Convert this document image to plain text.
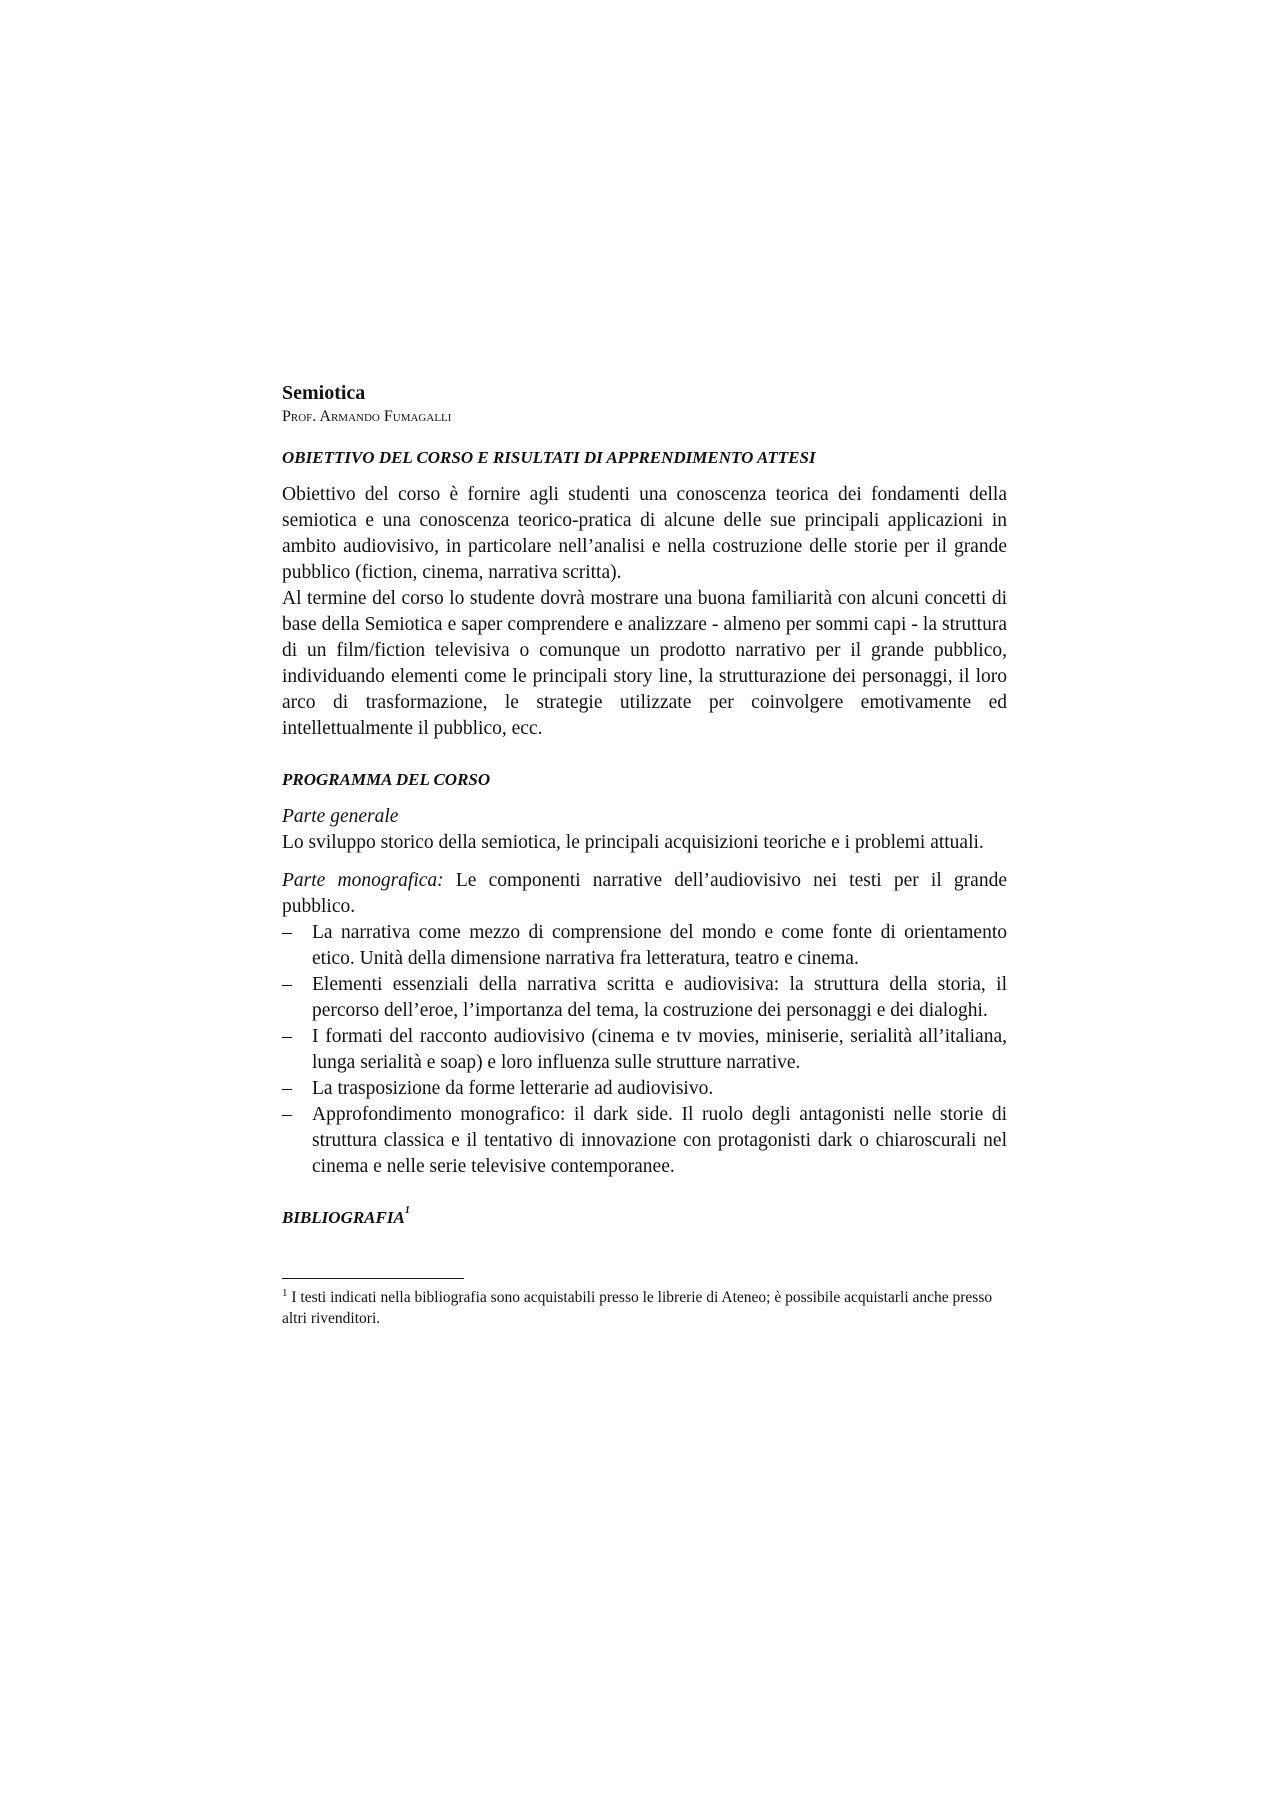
Semiotica
Prof. Armando Fumagalli
OBIETTIVO DEL CORSO E RISULTATI DI APPRENDIMENTO ATTESI

Obiettivo del corso è fornire agli studenti una conoscenza teorica dei fondamenti della semiotica e una conoscenza teorico-pratica di alcune delle sue principali applicazioni in ambito audiovisivo, in particolare nell’analisi e nella costruzione delle storie per il grande pubblico (fiction, cinema, narrativa scritta).

Al termine del corso lo studente dovrà mostrare una buona familiarità con alcuni concetti di base della Semiotica e saper comprendere e analizzare - almeno per sommi capi - la struttura di un film/fiction televisiva o comunque un prodotto narrativo per il grande pubblico, individuando elementi come le principali story line, la strutturazione dei personaggi, il loro arco di trasformazione, le strategie utilizzate per coinvolgere emotivamente ed intellettualmente il pubblico, ecc.

PROGRAMMA DEL CORSO

Parte generale

Lo sviluppo storico della semiotica, le principali acquisizioni teoriche e i problemi attuali.

Parte monografica: Le componenti narrative dell’audiovisivo nei testi per il grande pubblico.

– La narrativa come mezzo di comprensione del mondo e come fonte di orientamento etico. Unità della dimensione narrativa fra letteratura, teatro e cinema.
– Elementi essenziali della narrativa scritta e audiovisiva: la struttura della storia, il percorso dell’eroe, l’importanza del tema, la costruzione dei personaggi e dei dialoghi.
– I formati del racconto audiovisivo (cinema e tv movies, miniserie, serialità all’italiana, lunga serialità e soap) e loro influenza sulle strutture narrative.
– La trasposizione da forme letterarie ad audiovisivo.
– Approfondimento monografico: il dark side. Il ruolo degli antagonisti nelle storie di struttura classica e il tentativo di innovazione con protagonisti dark o chiaroscurali nel cinema e nelle serie televisive contemporanee.
BIBLIOGRAFIA$^1$

$^1$ I testi indicati nella bibliografia sono acquistabili presso le librerie di Ateneo; è possibile acquistarli anche presso altri rivenditori.
